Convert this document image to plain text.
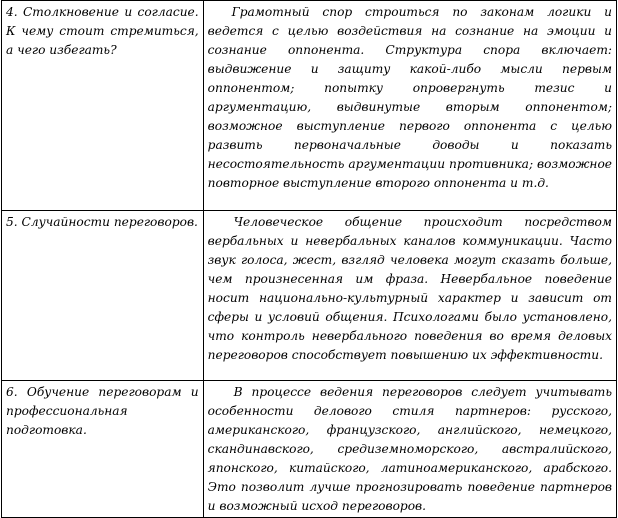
4. Столкновение и согласие. К чему стоит стремиться, а чего избегать?	Грамотный спор строиться по законам логики и ведется с целью воздействия на сознание на эмоции и сознание оппонента. Структура спора включает: выдвижение и защиту какой-либо мысли первым оппонентом; попытку опровергнуть тезис и аргументацию, выдвинутые вторым оппонентом; возможное выступление первого оппонента с целью развить первоначальные доводы и показать несостоятельность аргументации противника; возможное повторное выступление второго оппонента и т.д.
5. Случайности переговоров.	Человеческое общение происходит посредством вербальных и невербальных каналов коммуникации. Часто звук голоса, жест, взгляд человека могут сказать больше, чем произнесенная им фраза. Невербальное поведение носит национально-культурный характер и зависит от сферы и условий общения. Психологами было установлено, что контроль невербального поведения во время деловых переговоров способствует повышению их эффективности.
6. Обучение переговорам и профессиональная подготовка.	В процессе ведения переговоров следует учитывать особенности делового стиля партнеров: русского, американского, французского, английского, немецкого, скандинавского, средиземноморского, австралийского, японского, китайского, латиноамериканского, арабского. Это позволит лучше прогнозировать поведение партнеров и возможный исход переговоров.
